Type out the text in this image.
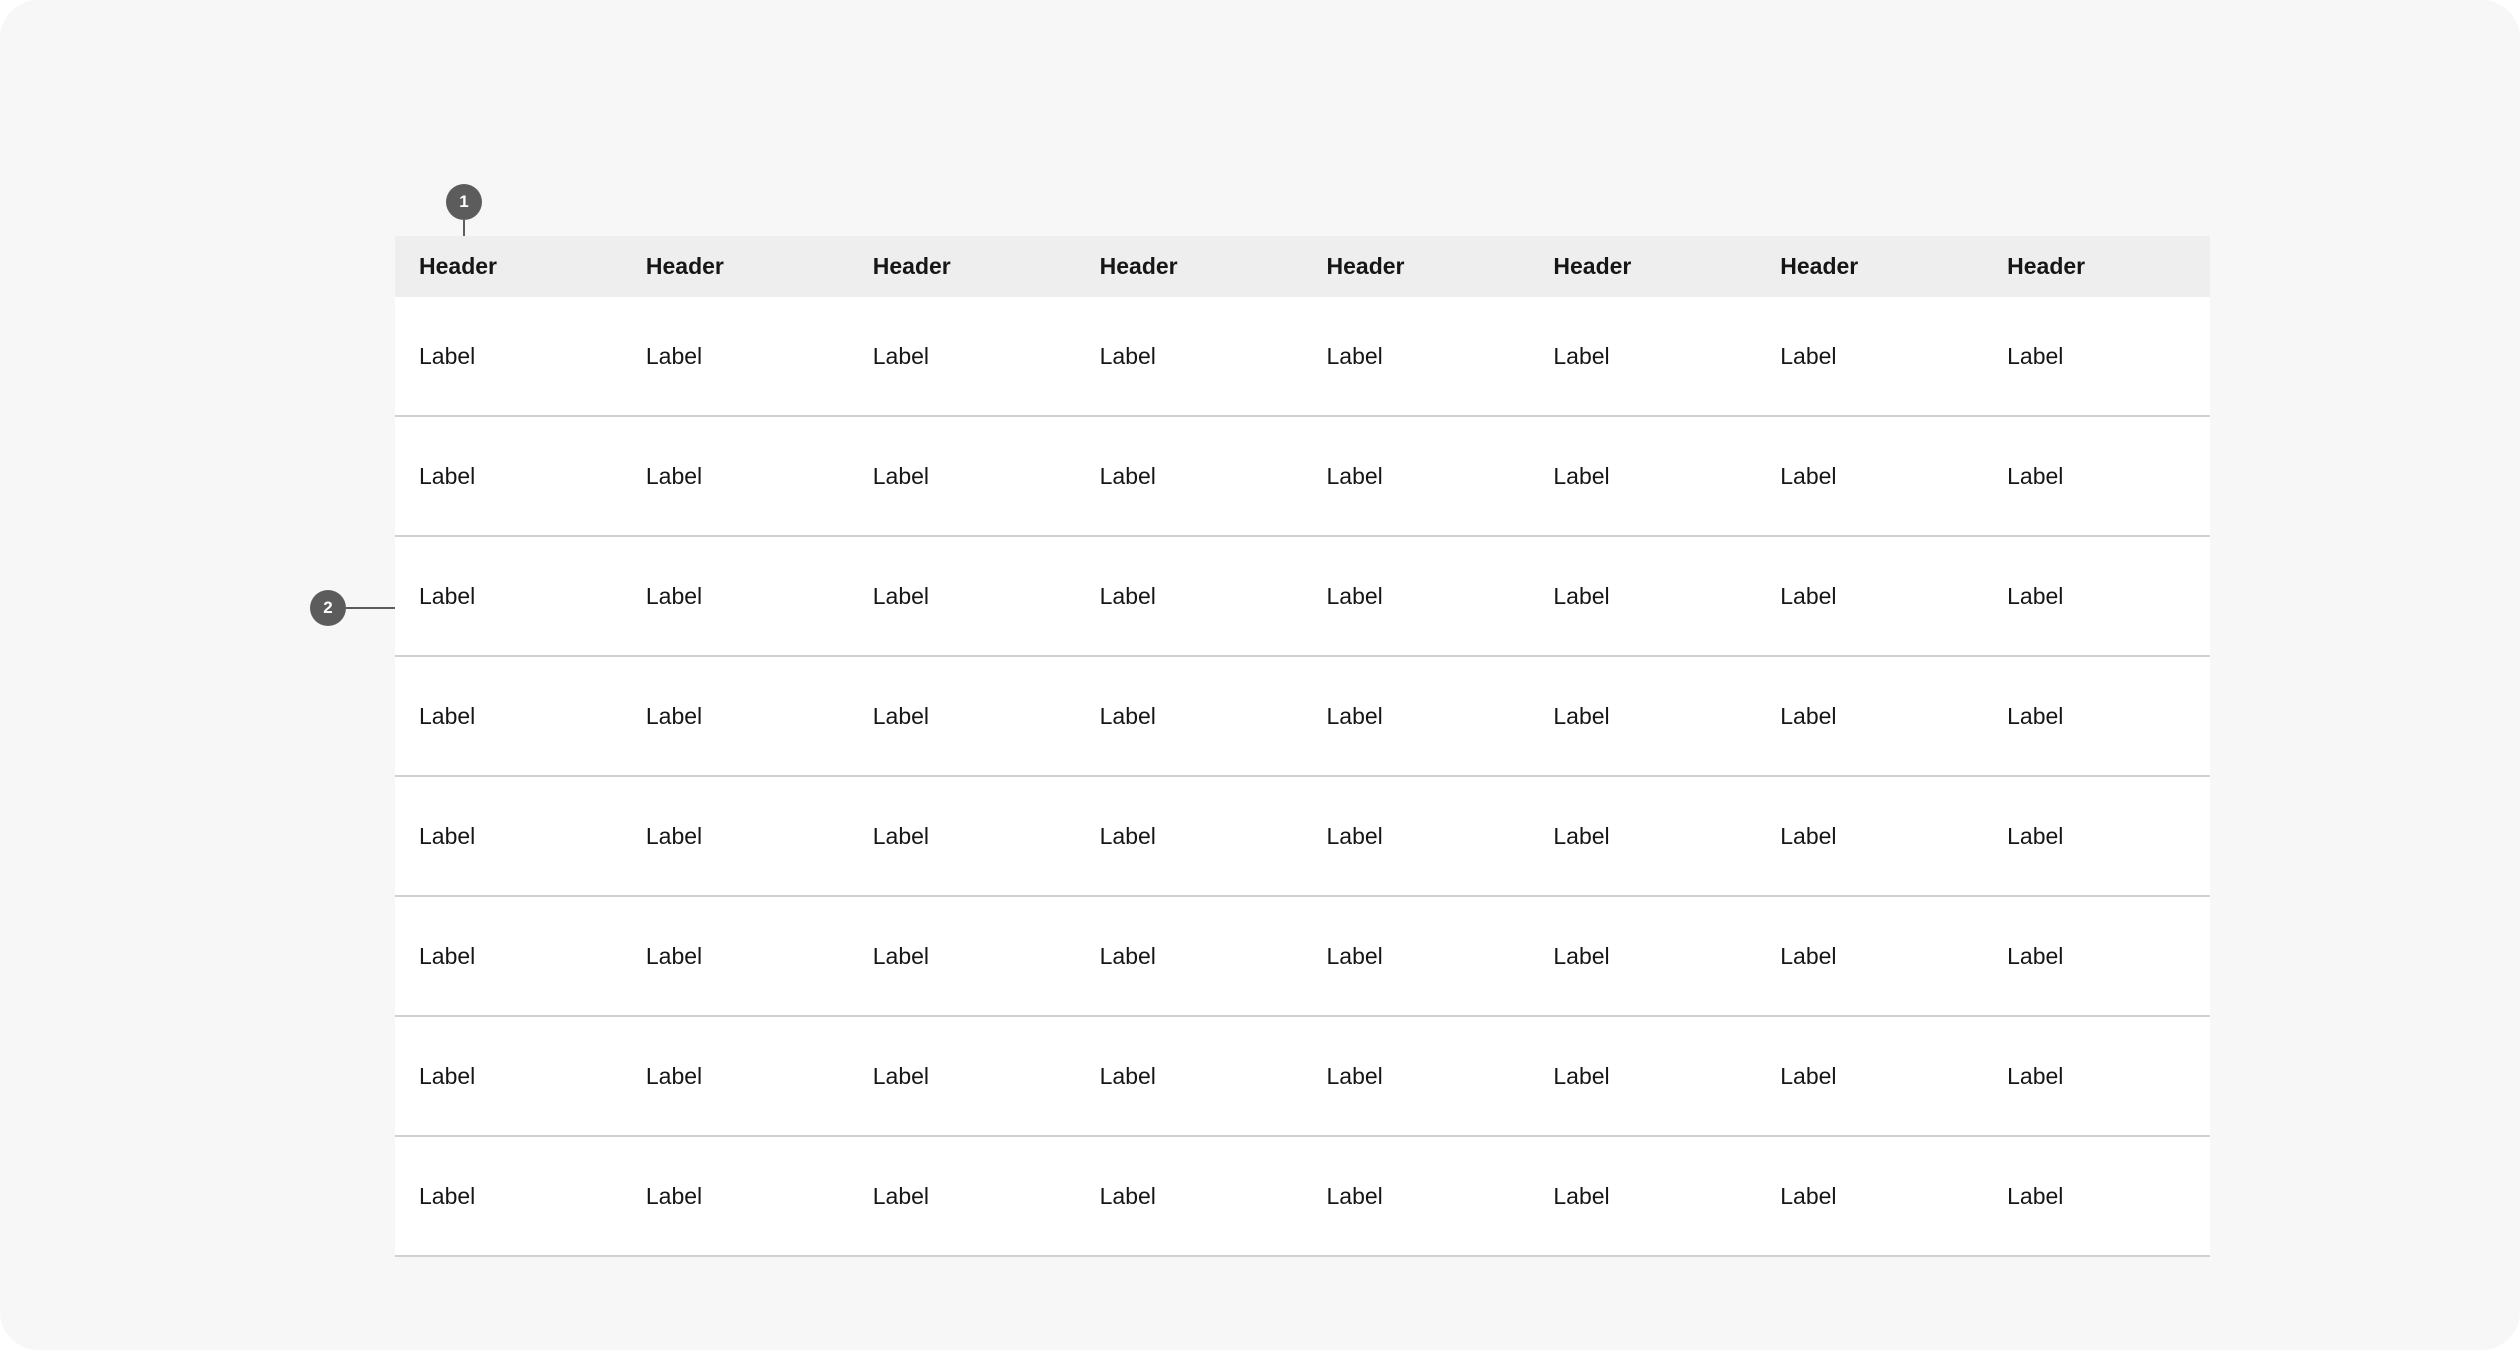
1
2
Header	Header	Header	Header	Header	Header	Header	Header
Label	Label	Label	Label	Label	Label	Label	Label
Label	Label	Label	Label	Label	Label	Label	Label
Label	Label	Label	Label	Label	Label	Label	Label
Label	Label	Label	Label	Label	Label	Label	Label
Label	Label	Label	Label	Label	Label	Label	Label
Label	Label	Label	Label	Label	Label	Label	Label
Label	Label	Label	Label	Label	Label	Label	Label
Label	Label	Label	Label	Label	Label	Label	Label
